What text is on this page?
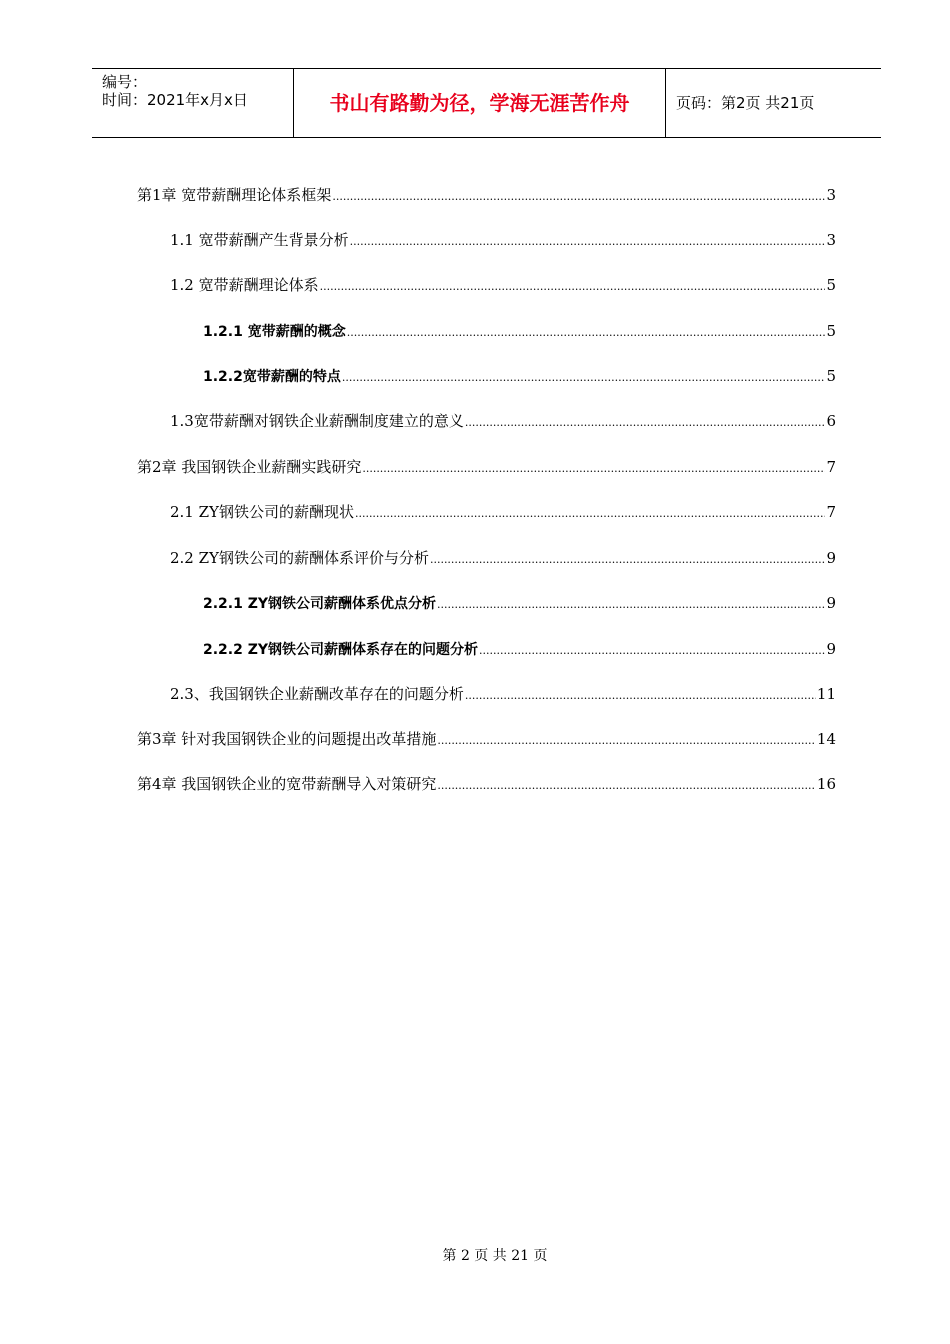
编号：
时间：2021年x月x日	书山有路勤为径，学海无涯苦作舟	页码：第2页 共21页
第1章 宽带薪酬理论体系框架 .....	3
1.1 宽带薪酬产生背景分析 .....	3
1.2 宽带薪酬理论体系 .....	5
1.2.1 宽带薪酬的概念 .....	5
1.2.2宽带薪酬的特点 .....	5
1.3宽带薪酬对钢铁企业薪酬制度建立的意义 .....	6
第2章 我国钢铁企业薪酬实践研究 .....	7
2.1 ZY钢铁公司的薪酬现状 .....	7
2.2 ZY钢铁公司的薪酬体系评价与分析 .....	9
2.2.1 ZY钢铁公司薪酬体系优点分析 .....	9
2.2.2 ZY钢铁公司薪酬体系存在的问题分析 .....	9
2.3、我国钢铁企业薪酬改革存在的问题分析 .....	11
第3章 针对我国钢铁企业的问题提出改革措施 .....	14
第4章 我国钢铁企业的宽带薪酬导入对策研究 .....	16
第 2 页 共 21 页
